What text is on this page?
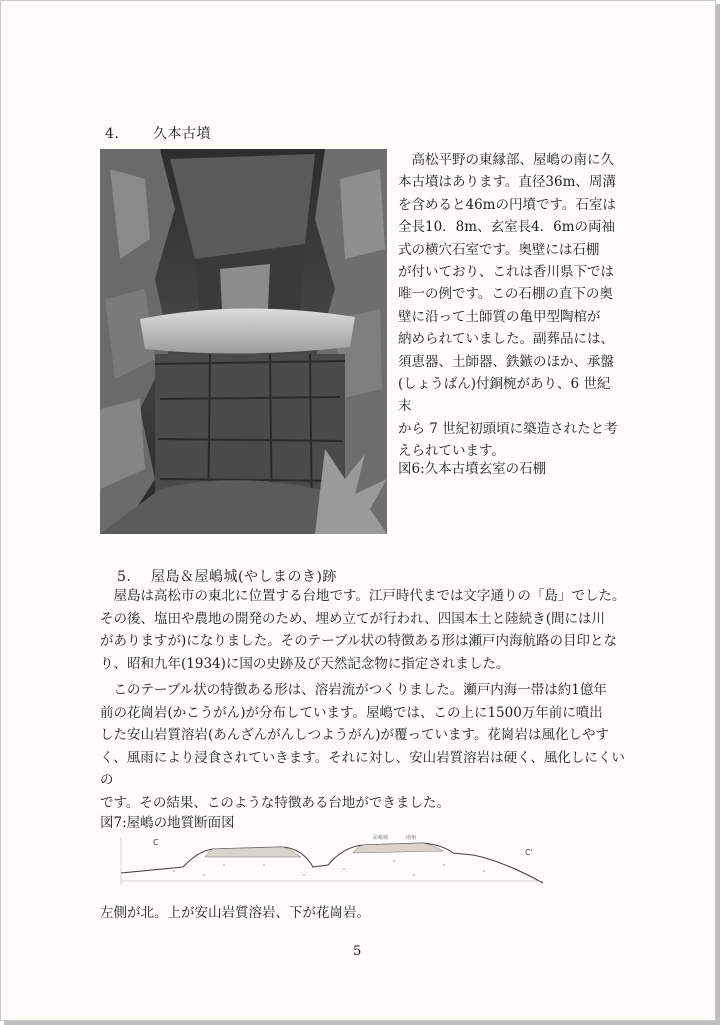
4. 久本古墳

高松平野の東縁部、屋嶋の南に久
本古墳はあります。直径36m、周溝
を含めると46mの円墳です。石室は
全長10．8m、玄室長4．6mの両袖
式の横穴石室です。奥壁には石棚
が付いており、これは香川県下では
唯一の例です。この石棚の直下の奥
壁に沿って土師質の亀甲型陶棺が
納められていました。副葬品には、
須恵器、土師器、鉄鏃のほか、承盤
(しょうばん)付銅椀があり、6 世紀末
から 7 世紀初頭頃に築造されたと考
えられています。

図6:久本古墳玄室の石棚
5. 屋島＆屋嶋城(やしまのき)跡

屋島は高松市の東北に位置する台地です。江戸時代までは文字通りの「島」でした。
その後、塩田や農地の開発のため、埋め立てが行われ、四国本土と陸続き(間には川
がありますが)になりました。そのテーブル状の特徴ある形は瀬戸内海航路の目印とな
り、昭和九年(1934)に国の史跡及び天然記念物に指定されました。

このテーブル状の特徴ある形は、溶岩流がつくりました。瀬戸内海一帯は約1億年
前の花崗岩(かこうがん)が分布しています。屋嶋では、この上に1500万年前に噴出
した安山岩質溶岩(あんざんがんしつようがん)が覆っています。花崗岩は風化しやす
く、風雨により浸食されていきます。それに対し、安山岩質溶岩は硬く、風化しにくいの
です。その結果、このような特徴ある台地ができました。

図7:屋嶋の地質断面図
C
C'
屋嶋城	南嶺
左側が北。上が安山岩質溶岩、下が花崗岩。
5
